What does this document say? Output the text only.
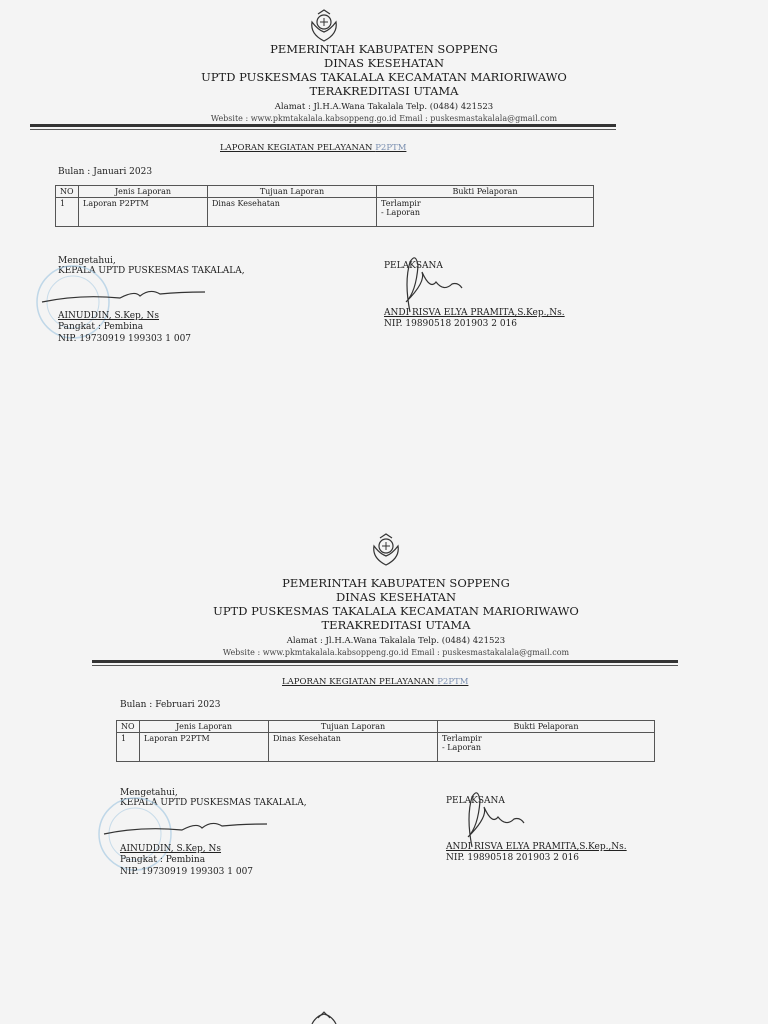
PEMERINTAH KABUPATEN SOPPENG
DINAS KESEHATAN
UPTD PUSKESMAS TAKALALA KECAMATAN MARIORIWAWO
TERAKREDITASI UTAMA
Alamat : Jl.H.A.Wana Takalala Telp. (0484) 421523
Website : www.pkmtakalala.kabsoppeng.go.id Email : puskesmastakalala@gmail.com
LAPORAN KEGIATAN PELAYANAN P2PTM
Bulan : Januari 2023
NO	Jenis Laporan	Tujuan Laporan	Bukti Pelaporan
1	Laporan P2PTM	Dinas Kesehatan	Terlampir
- Laporan
Mengetahui,
KEPALA UPTD PUSKESMAS TAKALALA,
AINUDDIN, S.Kep, Ns
Pangkat : Pembina
NIP. 19730919 199303 1 007
PELAKSANA
ANDI RISVA ELYA PRAMITA,S.Kep.,Ns.
NIP. 19890518 201903 2 016
PEMERINTAH KABUPATEN SOPPENG
DINAS KESEHATAN
UPTD PUSKESMAS TAKALALA KECAMATAN MARIORIWAWO
TERAKREDITASI UTAMA
Alamat : Jl.H.A.Wana Takalala Telp. (0484) 421523
Website : www.pkmtakalala.kabsoppeng.go.id Email : puskesmastakalala@gmail.com
LAPORAN KEGIATAN PELAYANAN P2PTM
Bulan : Februari 2023
NO	Jenis Laporan	Tujuan Laporan	Bukti Pelaporan
1	Laporan P2PTM	Dinas Kesehatan	Terlampir
- Laporan
Mengetahui,
KEPALA UPTD PUSKESMAS TAKALALA,
AINUDDIN, S.Kep, Ns
Pangkat : Pembina
NIP. 19730919 199303 1 007
PELAKSANA
ANDI RISVA ELYA PRAMITA,S.Kep.,Ns.
NIP. 19890518 201903 2 016
